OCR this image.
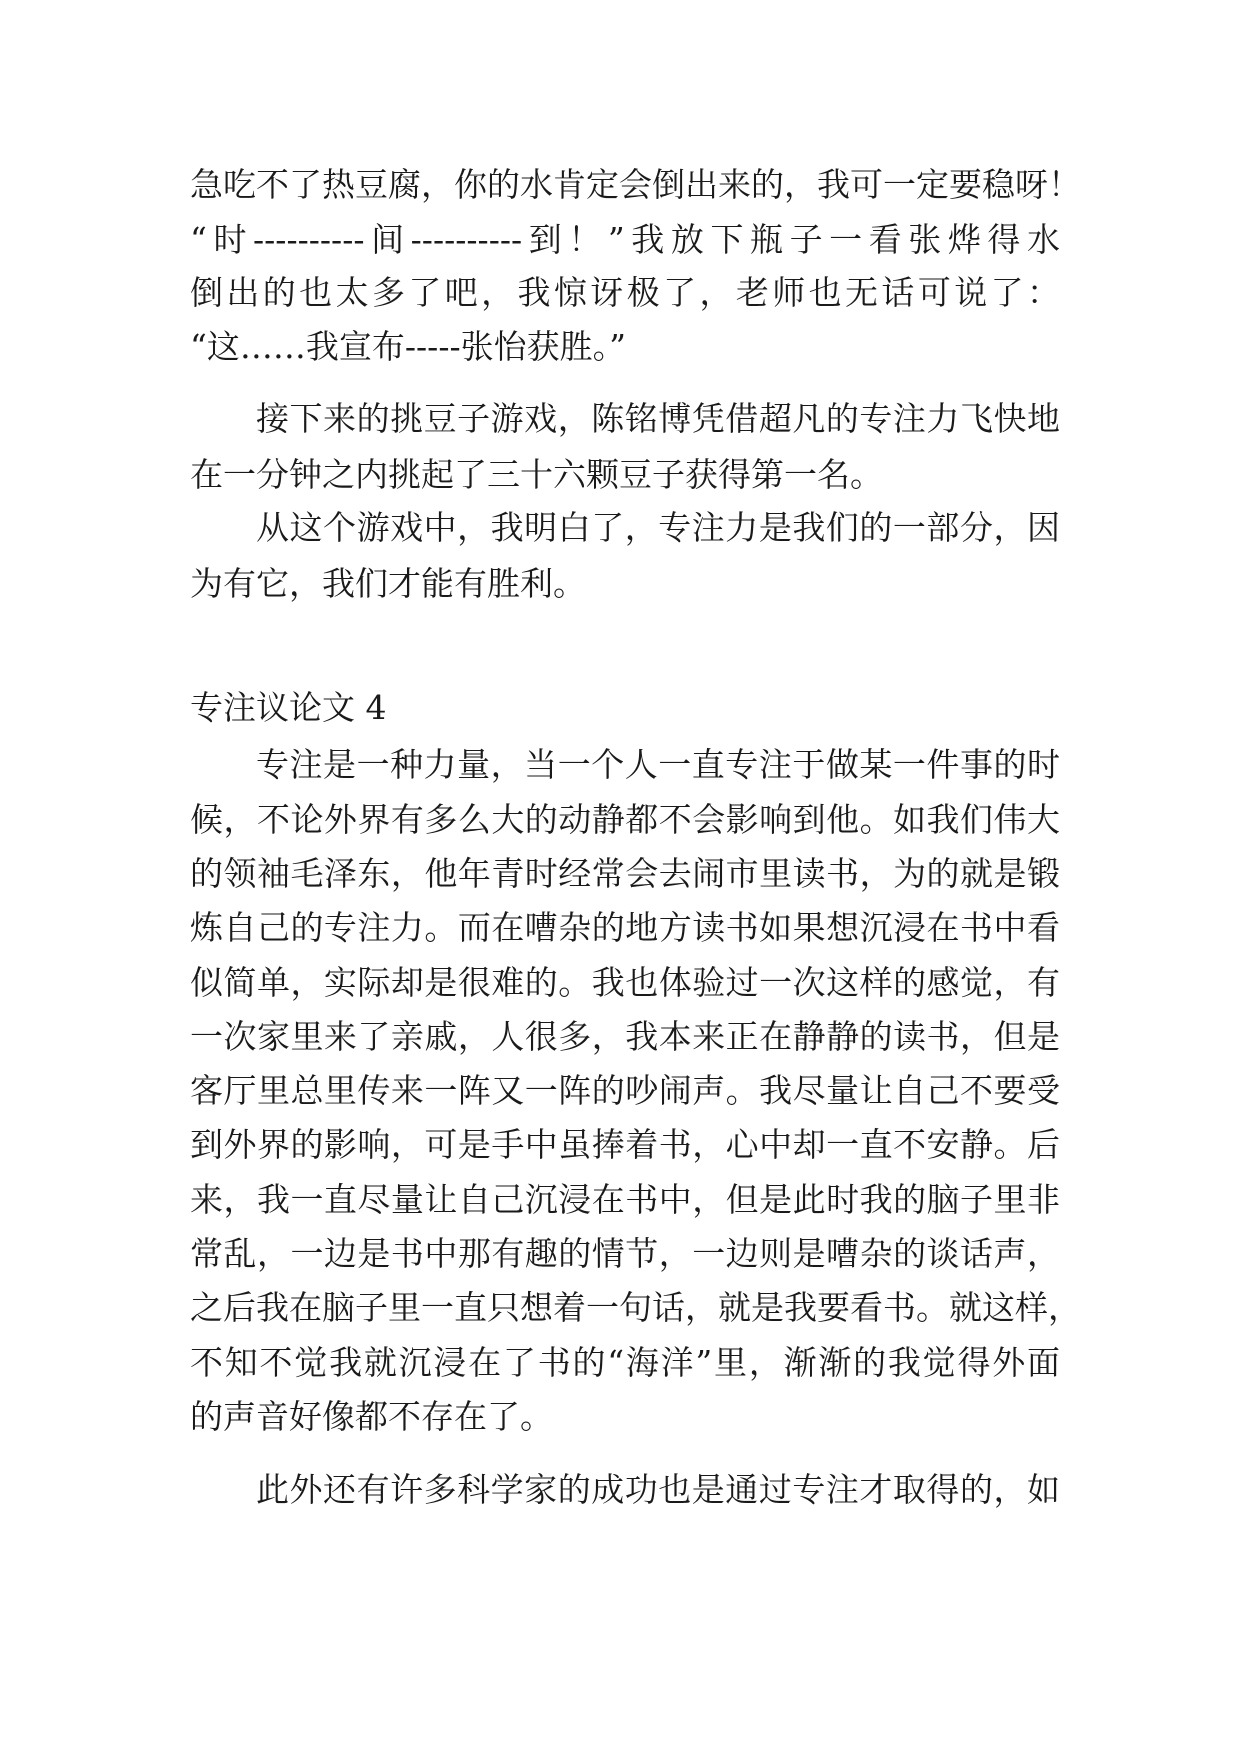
急吃不了热豆腐，你的水肯定会倒出来的，我可一定要稳呀！
“时----------间----------到！”我放下瓶子一看张烨得水
倒出的也太多了吧，我惊讶极了，老师也无话可说了：
“这……我宣布-----张怡获胜。”
接下来的挑豆子游戏，陈铭博凭借超凡的专注力飞快地
在一分钟之内挑起了三十六颗豆子获得第一名。
从这个游戏中，我明白了，专注力是我们的一部分，因
为有它，我们才能有胜利。
专注议论文 4
专注是一种力量，当一个人一直专注于做某一件事的时
候，不论外界有多么大的动静都不会影响到他。如我们伟大
的领袖毛泽东，他年青时经常会去闹市里读书，为的就是锻
炼自己的专注力。而在嘈杂的地方读书如果想沉浸在书中看
似简单，实际却是很难的。我也体验过一次这样的感觉，有
一次家里来了亲戚，人很多，我本来正在静静的读书，但是
客厅里总里传来一阵又一阵的吵闹声。我尽量让自己不要受
到外界的影响，可是手中虽捧着书，心中却一直不安静。后
来，我一直尽量让自己沉浸在书中，但是此时我的脑子里非
常乱，一边是书中那有趣的情节，一边则是嘈杂的谈话声，
之后我在脑子里一直只想着一句话，就是我要看书。就这样，
不知不觉我就沉浸在了书的“海洋”里，渐渐的我觉得外面
的声音好像都不存在了。
此外还有许多科学家的成功也是通过专注才取得的，如
